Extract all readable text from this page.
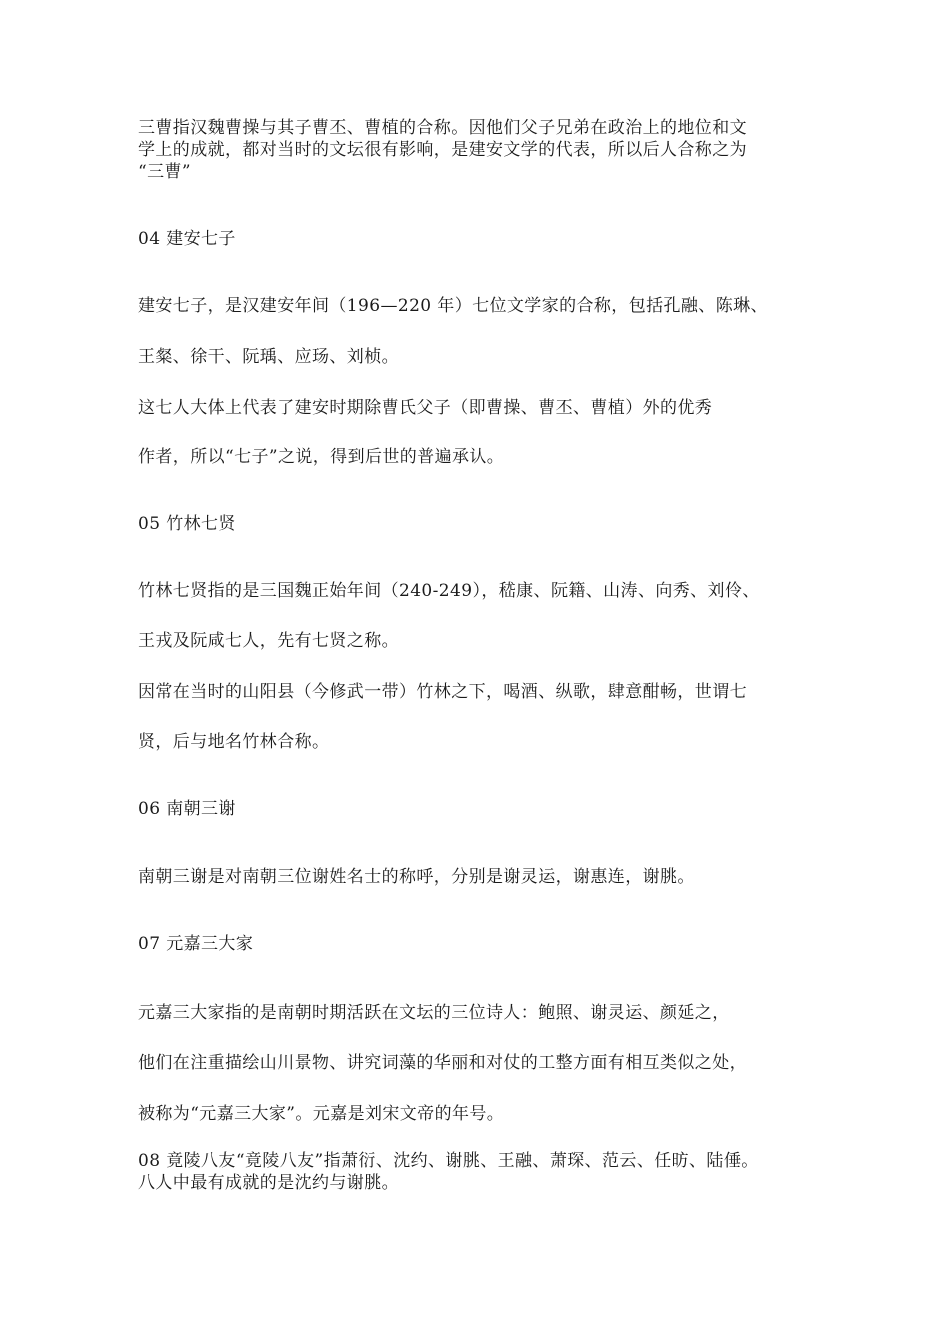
三曹指汉魏曹操与其子曹丕、曹植的合称。因他们父子兄弟在政治上的地位和文
学上的成就，都对当时的文坛很有影响，是建安文学的代表，所以后人合称之为
“三曹”
04 建安七子
建安七子，是汉建安年间（196—220 年）七位文学家的合称，包括孔融、陈琳、
王粲、徐干、阮瑀、应玚、刘桢。
这七人大体上代表了建安时期除曹氏父子（即曹操、曹丕、曹植）外的优秀
作者，所以“七子”之说，得到后世的普遍承认。
05 竹林七贤
竹林七贤指的是三国魏正始年间（240-249），嵇康、阮籍、山涛、向秀、刘伶、
王戎及阮咸七人，先有七贤之称。
因常在当时的山阳县（今修武一带）竹林之下，喝酒、纵歌，肆意酣畅，世谓七
贤，后与地名竹林合称。
06 南朝三谢
南朝三谢是对南朝三位谢姓名士的称呼，分别是谢灵运，谢惠连，谢朓。
07 元嘉三大家
元嘉三大家指的是南朝时期活跃在文坛的三位诗人：鲍照、谢灵运、颜延之，
他们在注重描绘山川景物、讲究词藻的华丽和对仗的工整方面有相互类似之处，
被称为“元嘉三大家”。元嘉是刘宋文帝的年号。
08 竟陵八友“竟陵八友”指萧衍、沈约、谢朓、王融、萧琛、范云、任昉、陆倕。
八人中最有成就的是沈约与谢朓。
